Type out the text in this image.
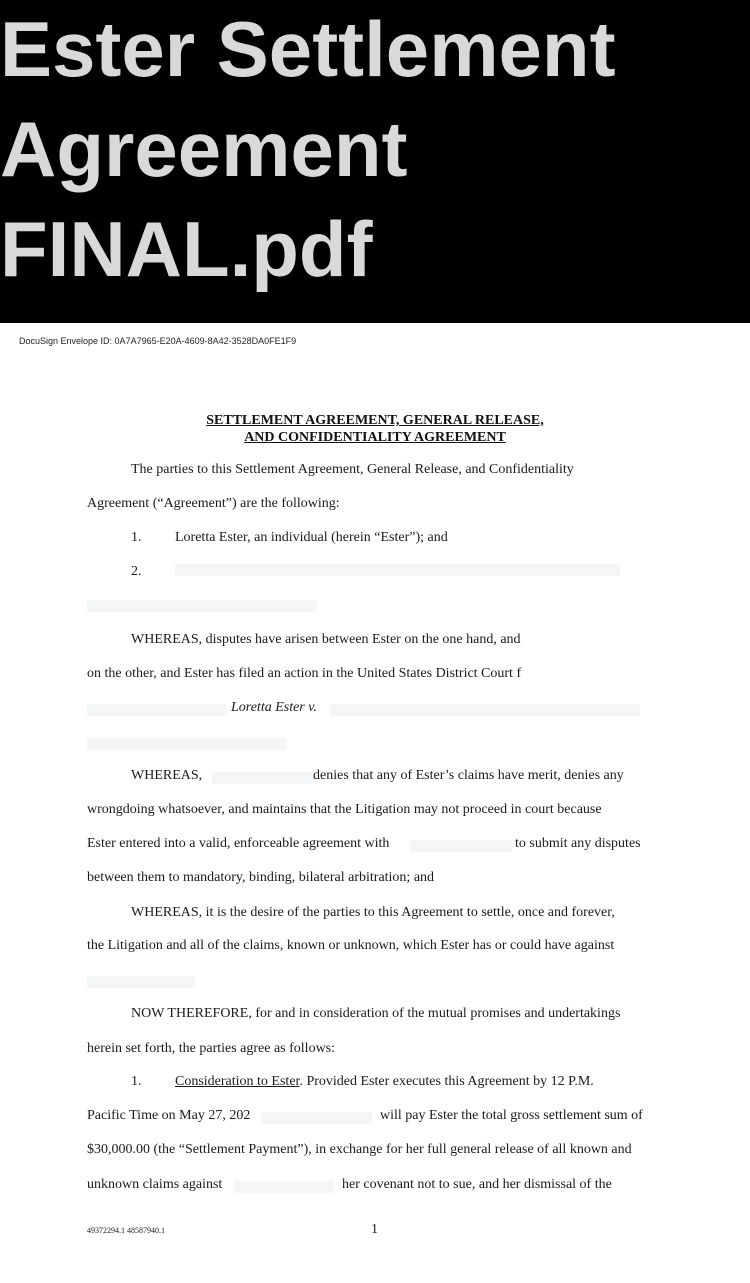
Ester Settlement
Agreement
FINAL.pdf
DocuSign Envelope ID: 0A7A7965-E20A-4609-8A42-3528DA0FE1F9
SETTLEMENT AGREEMENT, GENERAL RELEASE,
AND CONFIDENTIALITY AGREEMENT
The parties to this Settlement Agreement, General Release, and Confidentiality
Agreement (“Agreement”) are the following:
1. Loretta Ester, an individual (herein “Ester”); and
2.
WHEREAS, disputes have arisen between Ester on the one hand, and
on the other, and Ester has filed an action in the United States District Court f
Loretta Ester v.
WHEREAS,	denies that any of Ester’s claims have merit, denies any
wrongdoing whatsoever, and maintains that the Litigation may not proceed in court because
Ester entered into a valid, enforceable agreement with	to submit any disputes
between them to mandatory, binding, bilateral arbitration; and
WHEREAS, it is the desire of the parties to this Agreement to settle, once and forever,
the Litigation and all of the claims, known or unknown, which Ester has or could have against
NOW THEREFORE, for and in consideration of the mutual promises and undertakings
herein set forth, the parties agree as follows:
1. Consideration to Ester. Provided Ester executes this Agreement by 12 P.M.
Pacific Time on May 27, 202	will pay Ester the total gross settlement sum of
$30,000.00 (the “Settlement Payment”), in exchange for her full general release of all known and
unknown claims against	her covenant not to sue, and her dismissal of the
49372294.1 48587940.1	1
